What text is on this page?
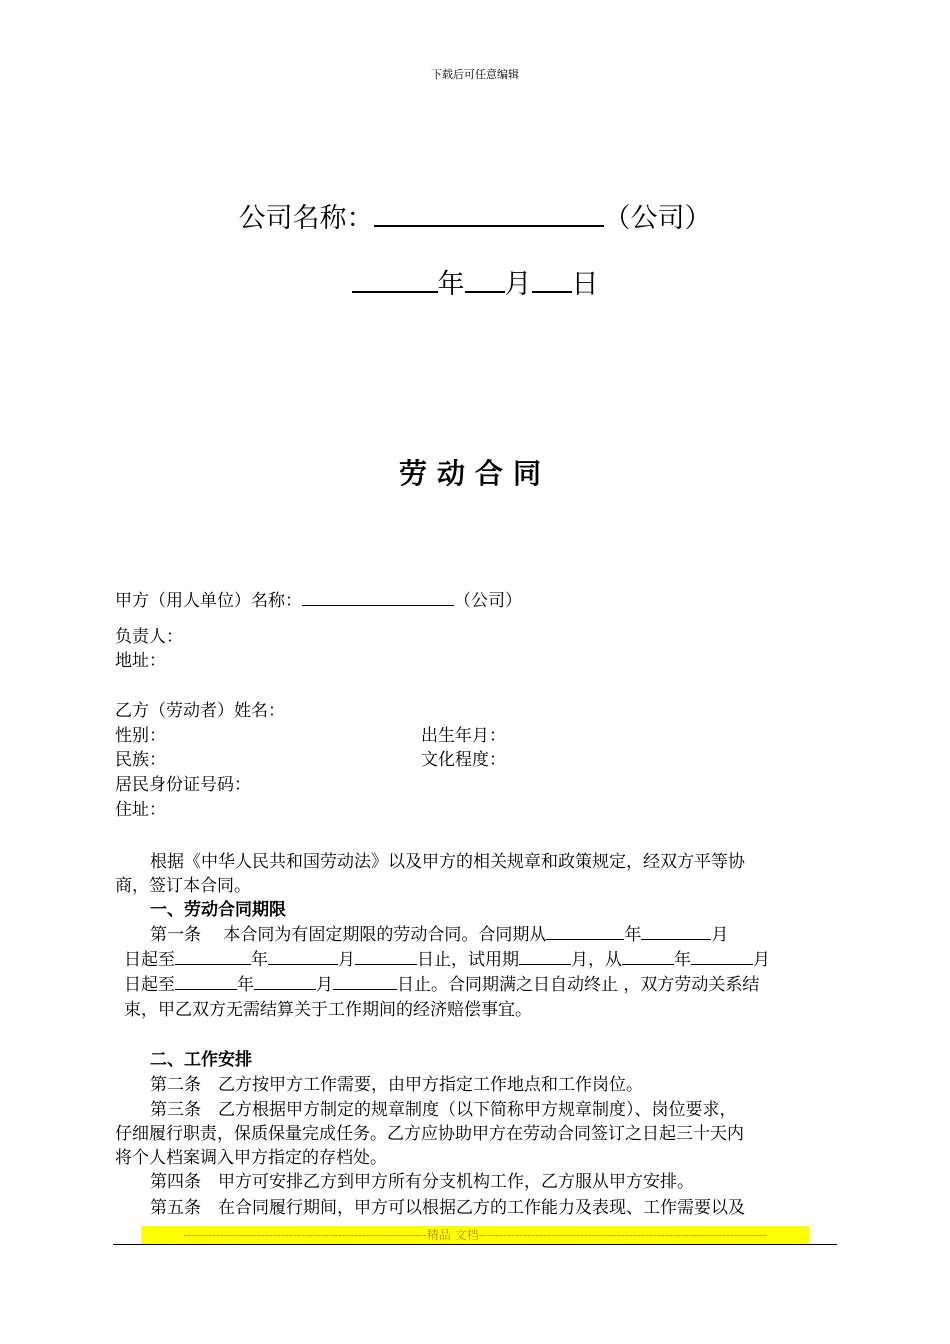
下载后可任意编辑
公司名称：	（公司）
年 月 日
劳动合同
甲方（用人单位）名称：	（公司）
负责人：
地址：
乙方（劳动者）姓名：
性别：	出生年月：
民族：	文化程度：
居民身份证号码：
住址：
根据《中华人民共和国劳动法》以及甲方的相关规章和政策规定，经双方平等协
商，签订本合同。
一、劳动合同期限
第一条　 本合同为有固定期限的劳动合同。合同期从	年	月
日起至	年	月	日止，试用期	月，从	年	月
日起至	年	月	日止。合同期满之日自动终止 ，双方劳动关系结
束，甲乙双方无需结算关于工作期间的经济赔偿事宜。
二、工作安排
第二条　乙方按甲方工作需要，由甲方指定工作地点和工作岗位。
第三条　乙方根据甲方制定的规章制度（以下简称甲方规章制度）、岗位要求，
仔细履行职责，保质保量完成任务。乙方应协助甲方在劳动合同签订之日起三十天内
将个人档案调入甲方指定的存档处。
第四条　甲方可安排乙方到甲方所有分支机构工作，乙方服从甲方安排。
第五条　在合同履行期间，甲方可以根据乙方的工作能力及表现、工作需要以及
------------------------------------------------------------精品 文档-----------------------------------------------------------------------
